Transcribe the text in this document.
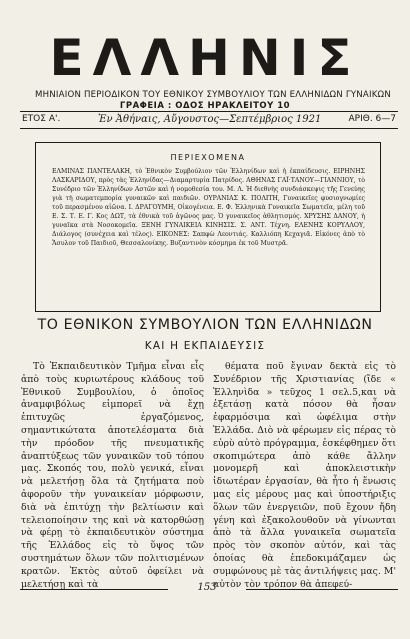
ΕΛΛΗΝΙΣ
ΜΗΝΙΑΙΟΝ ΠΕΡΙΟΔΙΚΟΝ ΤΟΥ ΕΘΝΙΚΟΥ ΣΥΜΒΟΥΛΙΟΥ ΤΩΝ ΕΛΛΗΝΙΔΩΝ ΓΥΝΑΙΚΩΝ
ΓΡΑΦΕΙΑ : ΟΔΟΣ ΗΡΑΚΛΕΙΤΟΥ 10
ΕΤΟΣ Α'.	Ἐν Ἀθήναις, Αὔγουστος—Σεπτέμβριος 1921	ΑΡΙΘ. 6—7
ΠΕΡΙΕΧΟΜΕΝΑ
ΕΛΜΙΝΑΣ ΠΑΝΤΕΛΑΚΗ, τὸ Ἐθνικὸν Συμβούλιον τῶν Ἑλληνίδων καὶ ἡ ἐκπαίδευσις. ΕΙΡΗΝΗΣ ΛΑΣΚΑΡΙΔΟΥ, πρὸς τὰς Ἑλληνίδας—Διαμαρτυρία Πατρίδος. ΑΘΗΝΑΣ ΓΑΪ·ΤΑΝΟΥ—ΓΙΑΝΝΙΟΥ, τὸ Συνέδριο τῶν Ἑλληνίδων Αστῶν καὶ ἡ νομοθεσία του. Μ. Λ. Ἡ διεθνὴς συνδιάσκεψις τῆς Γενεύης γιὰ τὴ σωματεμπορία γυναικῶν καὶ παιδιῶν. ΟΥΡΑΝΙΑΣ Κ. ΠΟΛΙΤΗ, Γυναικεῖες φυσιογνωμίες τοῦ περασμένου αἰῶνα. Ι. ΔΡΑΓΟΥΜΗ, Οἰκογένεια. Ε. Φ. Ἑλληνικὰ Γυναικεῖα Σωματεῖα, μέλη τοῦ Ε. Σ. Τ. Ε. Γ. Κος ΔΩΤ, τὰ ἐθνικὰ τοῦ ἀγῶνος μας. Ὁ γυναικεῖος ἀθλητισμός. ΧΡΥΣΗΣ ΔΑΝΟΥ, ἡ γυναῖκα στὰ Νοσοκομεῖα. ΞΕΝΗ ΓΥΝΑΙΚΕΙΑ ΚΙΝΗΣΙΣ. Σ. ΑΝΤ. Τέχνη. ΕΛΕΝΗΣ ΚΟΡΥΛΛΟΥ, Διάλογος (συνέχεια καὶ τέλος). ΕΙΚΟΝΕΣ: Σαπφὼ Λεοντιάς. Καλλιόπη Κεχαγιᾶ. Εἰκόνες ἀπὸ τὸ Ἄσυλον τοῦ Παιδιοῦ, Θεσσαλονίκης. Βυζαντινὸν κόσμημα ἐκ τοῦ Μυστρᾶ.
ΤΟ ΕΘΝΙΚΟΝ ΣΥΜΒΟΥΛΙΟΝ ΤΩΝ ΕΛΛΗΝΙΔΩΝ
ΚΑΙ Η ΕΚΠΑΙΔΕΥΣΙΣ

Τὸ Ἐκπαιδευτικὸν Τμῆμα εἶναι εἷς ἀπὸ τοὺς κυριωτέρους κλάδους τοῦ Ἐθνικοῦ Συμβουλίου, ὁ ὁποῖος ἀναμφιβόλως εἰμπορεῖ νὰ ἔχῃ ἐπιτυχῶς ἐργαζόμενος, σημαντικώτατα ἀποτελέσματα διὰ τὴν πρόοδον τῆς πνευματικῆς ἀναπτύξεως τῶν γυναικῶν τοῦ τόπου μας. Σκοπός του, πολὺ γενικά, εἶναι νὰ μελετήσῃ ὅλα τὰ ζητήματα ποὺ ἀφοροῦν τὴν γυναικείαν μόρφωσιν, διὰ νὰ ἐπιτύχῃ τὴν βελτίωσιν καὶ τελειοποίησιν της καὶ νὰ κατορθώσῃ νὰ φέρῃ τὸ ἐκπαιδευτικὸν σύστημα τῆς Ἑλλάδος εἰς τὸ ὕψος τῶν συστημάτων ὅλων τῶν πολιτισμένων κρατῶν. Ἐκτὸς αὐτοῦ ὀφείλει νὰ μελετήσῃ καὶ τὰ

θέματα ποῦ ἔγιναν δεκτὰ εἰς τὸ Συνέδριον τῆς Χριστιανίας (ἴδε « Ἑλληνὶδα » τεῦχος 1 σελ.5,και νὰ ἐξετάσῃ κατὰ πόσον θὰ ἦσαν ἐφαρμόσιμα καὶ ὠφέλιμα στὴν Ἑλλάδα. Διὸ νὰ φέρωμεν εἰς πέρας τὸ εὐρὺ αὐτὸ πρόγραμμα, ἐσκέφθημεν ὅτι σκοπιμώτερα ἀπὸ κάθε ἄλλην μονομερῆ καὶ ἀποκλειστικὴν ἰδιωτέραν ἐργασίαν, θὰ ἦτο ἡ ἕνωσις μας εἰς μέρους μας καὶ ὑποστήριξις ὅλων τῶν ἐνεργειῶν, ποῦ ἔχουν ἤδη γένη καὶ ἐξακολουθοῦν νὰ γίνωνται ἀπὸ τὰ ἄλλα γυναικεῖα σωματεῖα πρὸς τὸν σκοπὸν αὐτόν, καὶ τὰς ὁποίας θὰ ἐπεδοκιμάζαμεν ὡς συμφώνους μὲ τὰς ἀντιλήψεις μας. Μ' αὐτὸν τὸν τρόπον θὰ ἀπεφεύ-

153
